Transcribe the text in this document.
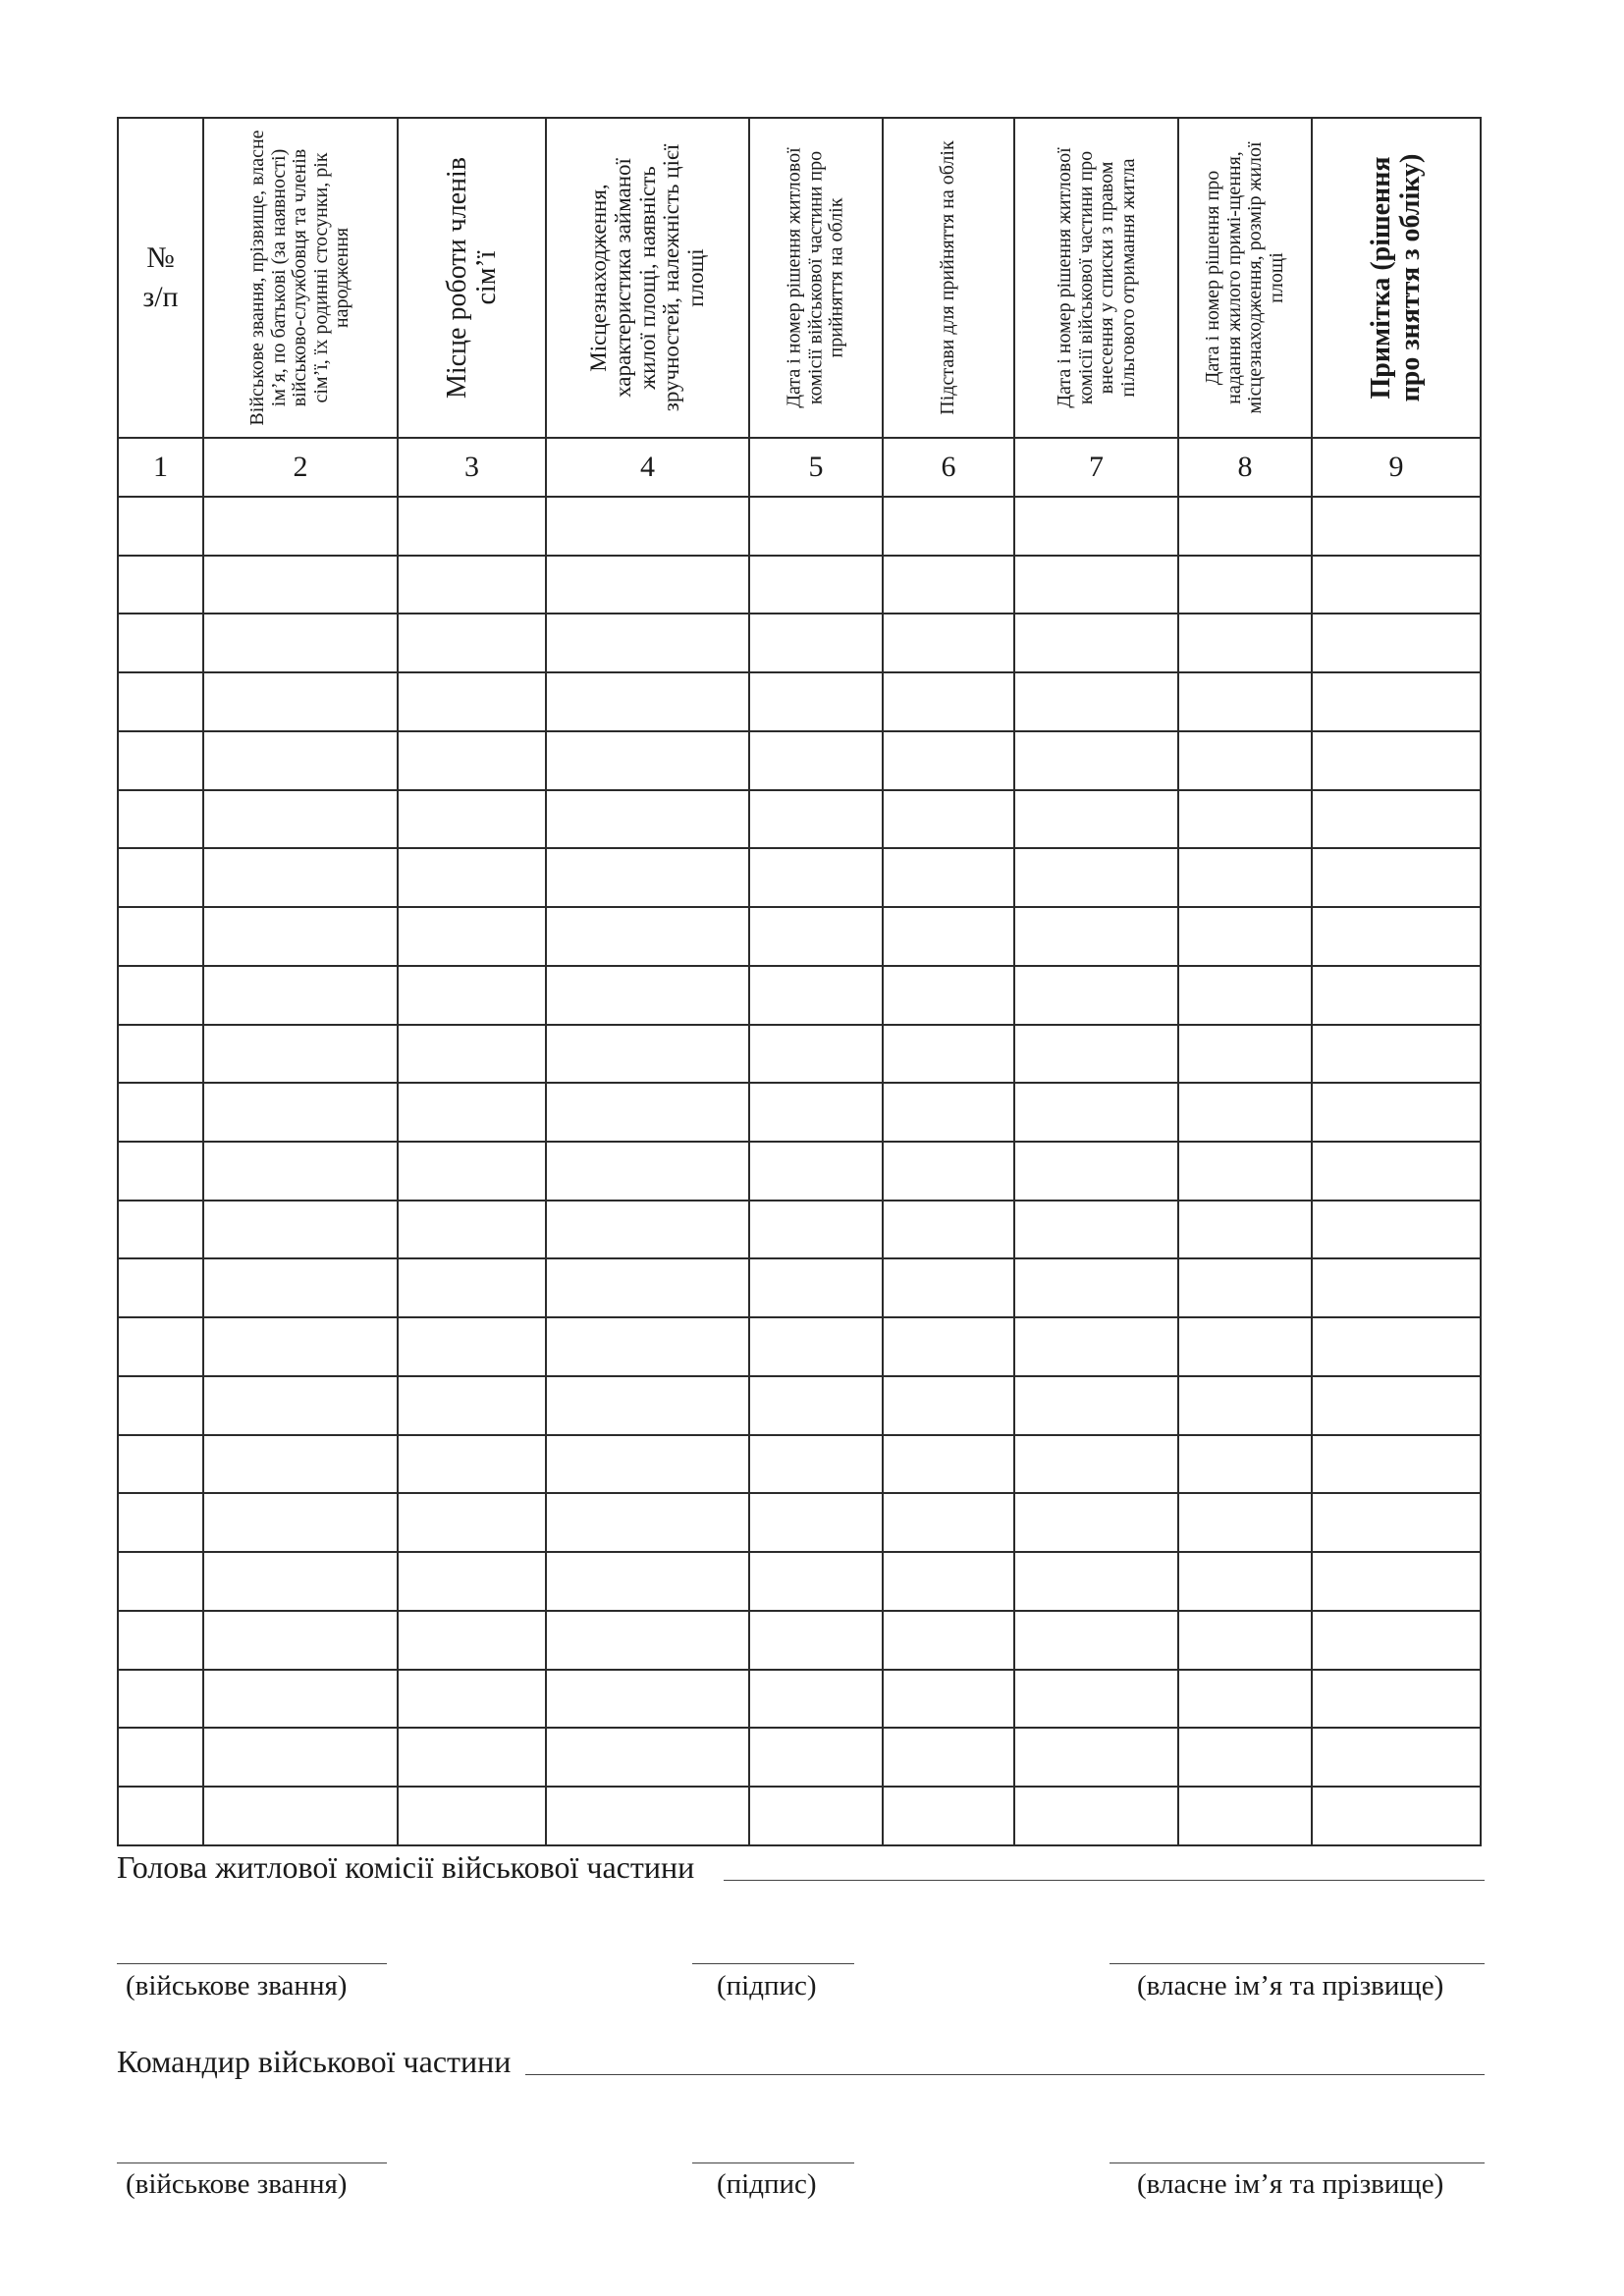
№
з/п	Військове звання, прізвище, власне ім’я, по батькові (за наявності) військово-службовця та членів сім’ї, їх родинні стосунки, рік народження	Місце роботи членів сім’ї	Місцезнаходження, характеристика займаної жилої площі, наявність зручностей, належність цієї площі	Дата і номер рішення житлової комісії військової частини про прийняття на облік	Підстави для прийняття на облік	Дата і номер рішення житлової комісії військової частини про внесення у списки з правом пільгового отримання житла	Дата і номер рішення про надання жилого примі-щення, місцезнаходження, розмір жилої площі	Примітка (рішення про зняття з обліку)

1	2	3	4	5	6	7	8	9

Голова житлової комісії військової частини
(військове звання)	(підпис)	(власне ім’я та прізвище)
Командир військової частини
(військове звання)	(підпис)	(власне ім’я та прізвище)
